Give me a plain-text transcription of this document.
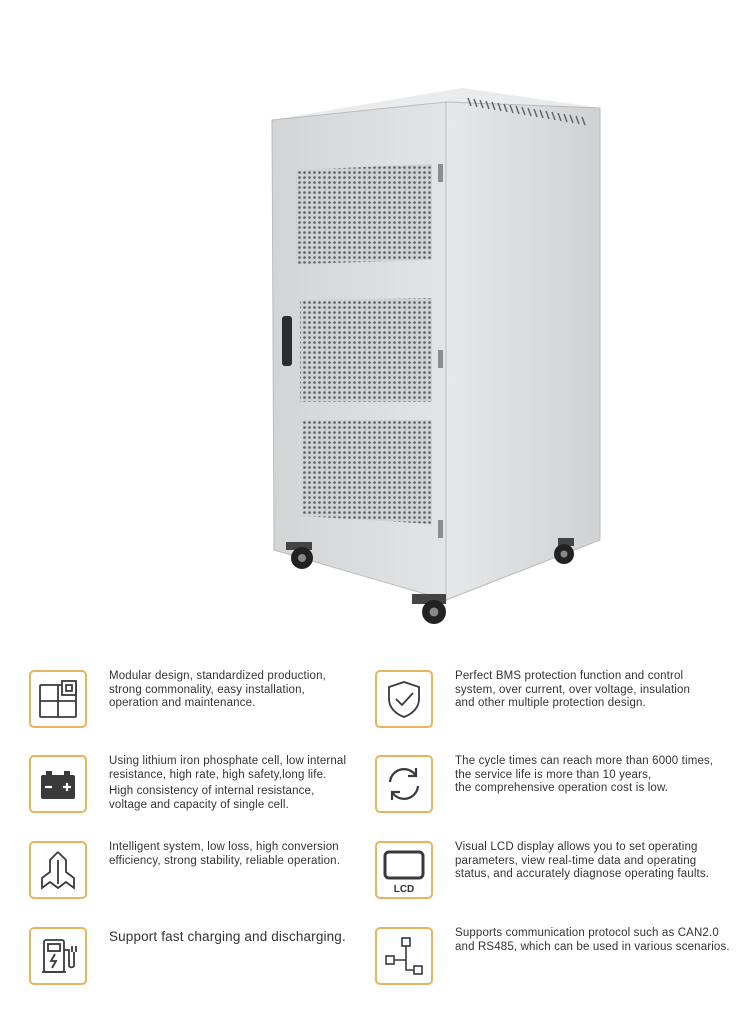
Modular design, standardized production,
strong commonality, easy installation,
operation and maintenance.

Perfect BMS protection function and control
system, over current, over voltage, insulation
and other multiple protection design.

Using lithium iron phosphate cell, low internal
resistance, high rate, high safety,long life.

High consistency of internal resistance,
voltage and capacity of single cell.

The cycle times can reach more than 6000 times,
the service life is more than 10 years,
the comprehensive operation cost is low.

Intelligent system, low loss, high conversion
efficiency, strong stability, reliable operation.

LCD

Visual LCD display allows you to set operating
parameters, view real-time data and operating
status, and accurately diagnose operating faults.

Support fast charging and discharging.	Supports communication protocol such as CAN2.0
and RS485, which can be used in various scenarios.
